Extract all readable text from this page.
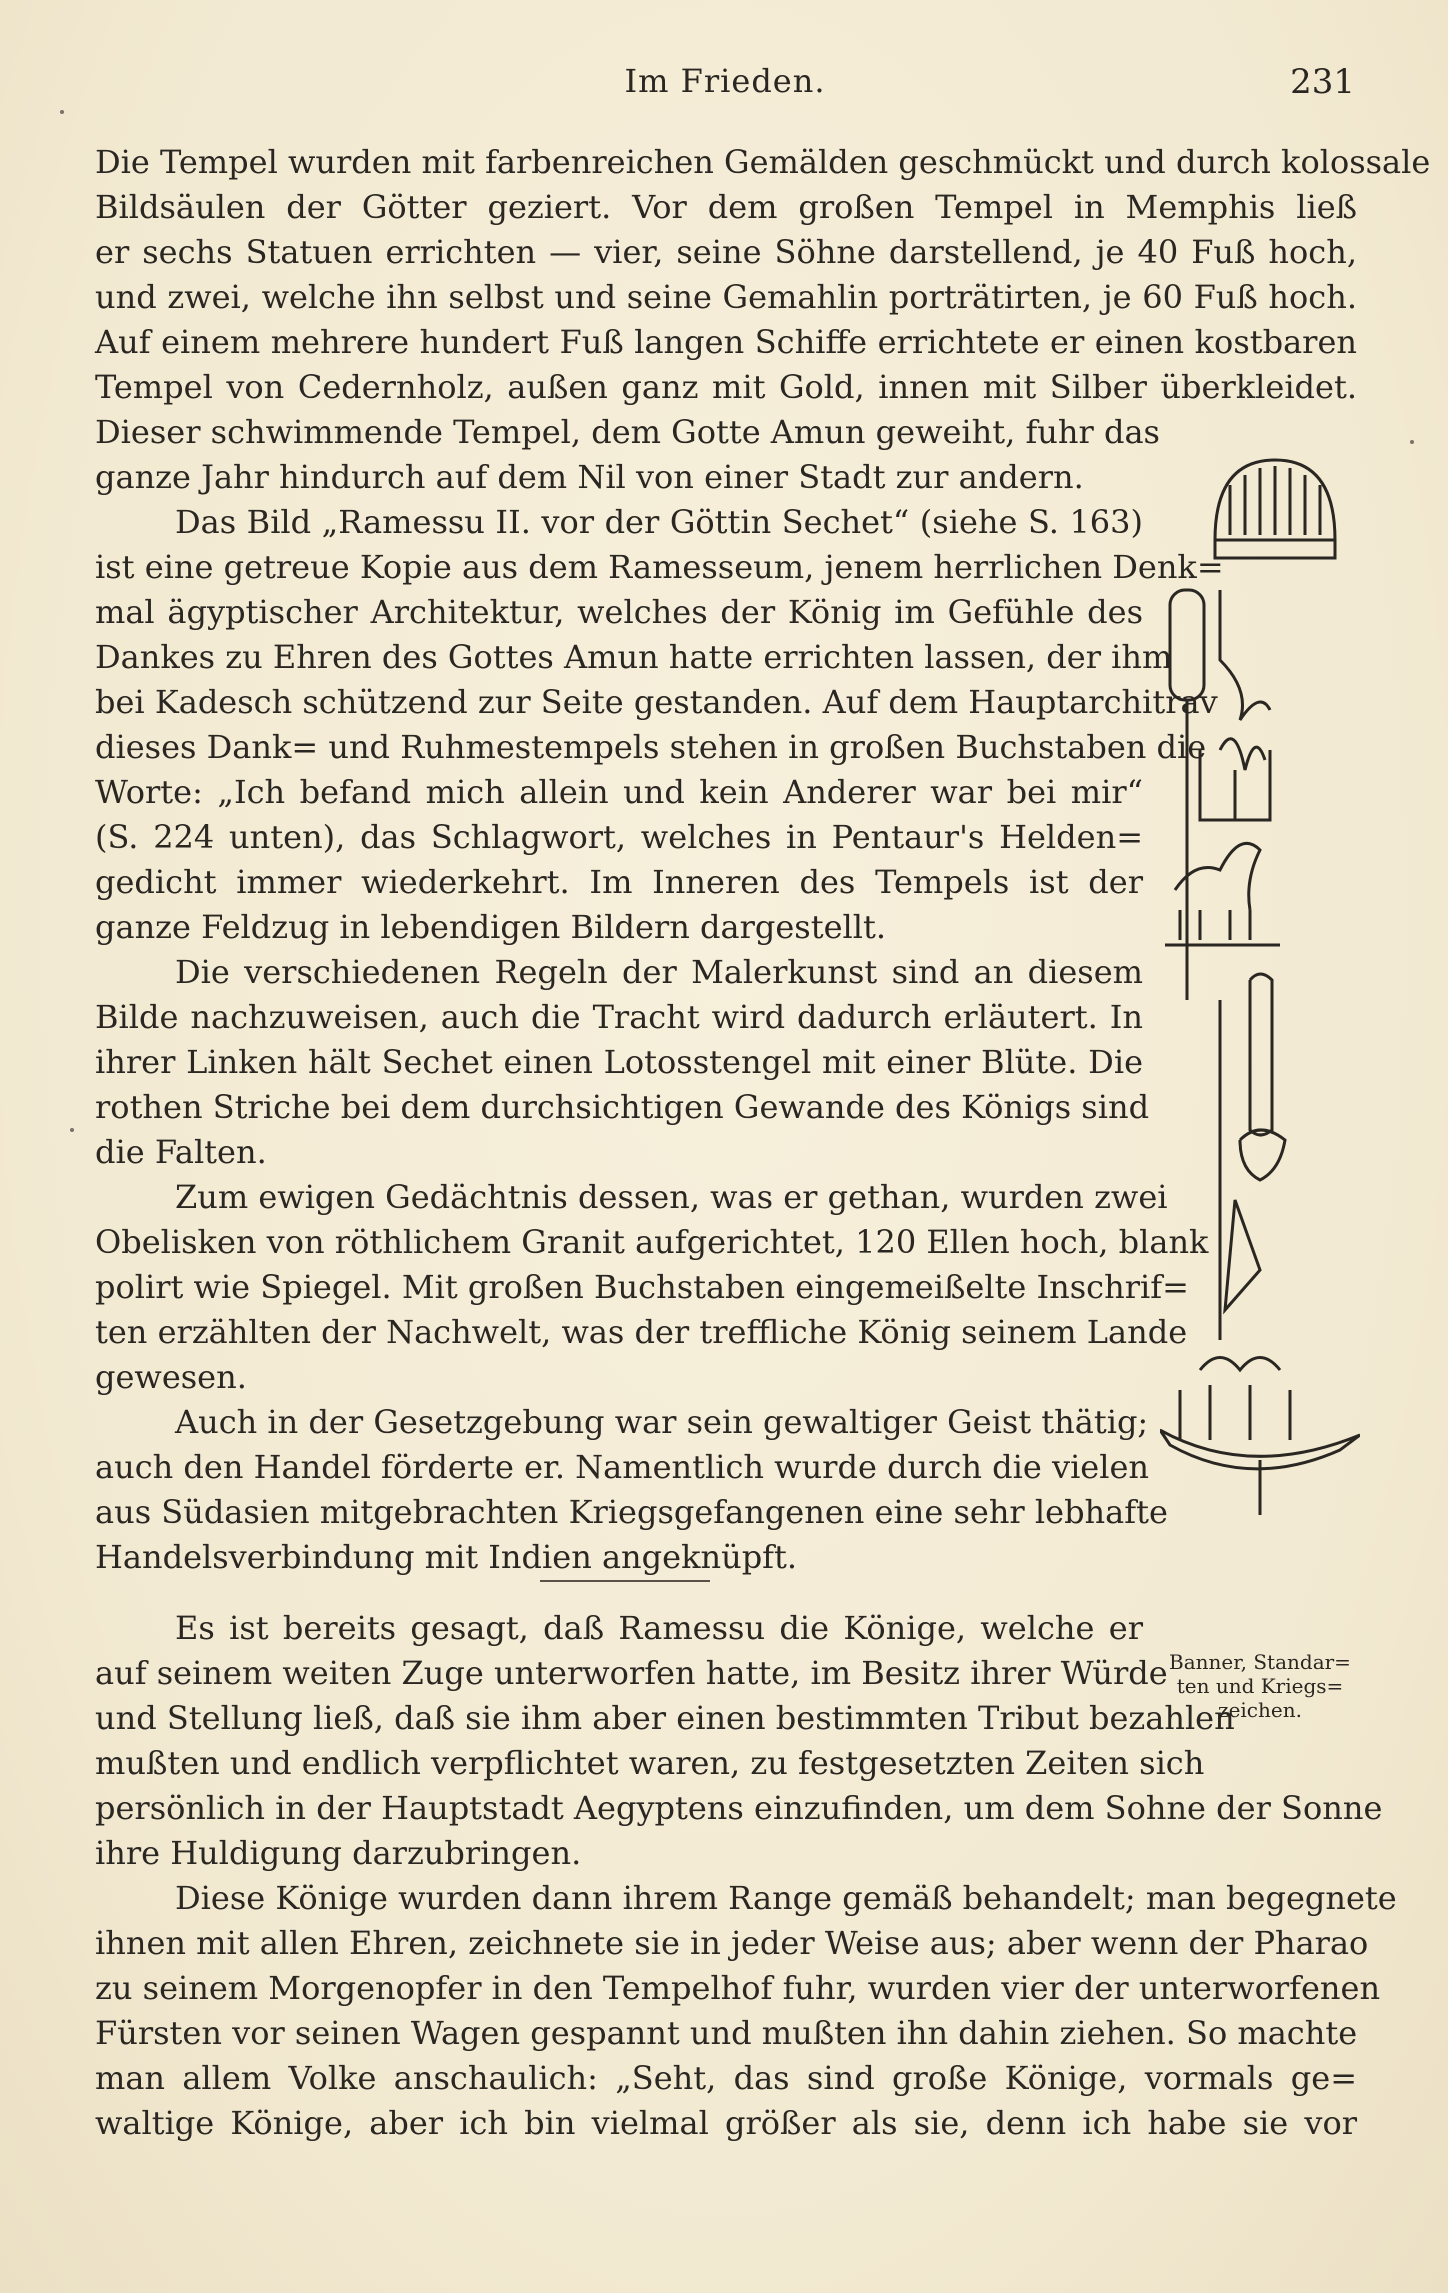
Im Frieden.	231
Die Tempel wurden mit farbenreichen Gemälden geschmückt und durch kolossale
Bildsäulen der Götter geziert. Vor dem großen Tempel in Memphis ließ
er sechs Statuen errichten — vier, seine Söhne darstellend, je 40 Fuß hoch,
und zwei, welche ihn selbst und seine Gemahlin porträtirten, je 60 Fuß hoch.
Auf einem mehrere hundert Fuß langen Schiffe errichtete er einen kostbaren
Tempel von Cedernholz, außen ganz mit Gold, innen mit Silber überkleidet.
Dieser schwimmende Tempel, dem Gotte Amun geweiht, fuhr das
ganze Jahr hindurch auf dem Nil von einer Stadt zur andern.
Das Bild „Ramessu II. vor der Göttin Sechet“ (siehe S. 163)
ist eine getreue Kopie aus dem Ramesseum, jenem herrlichen Denk=
mal ägyptischer Architektur, welches der König im Gefühle des
Dankes zu Ehren des Gottes Amun hatte errichten lassen, der ihm
bei Kadesch schützend zur Seite gestanden. Auf dem Hauptarchitrav
dieses Dank= und Ruhmestempels stehen in großen Buchstaben die
Worte: „Ich befand mich allein und kein Anderer war bei mir“
(S. 224 unten), das Schlagwort, welches in Pentaur's Helden=
gedicht immer wiederkehrt. Im Inneren des Tempels ist der
ganze Feldzug in lebendigen Bildern dargestellt.
Die verschiedenen Regeln der Malerkunst sind an diesem
Bilde nachzuweisen, auch die Tracht wird dadurch erläutert. In
ihrer Linken hält Sechet einen Lotosstengel mit einer Blüte. Die
rothen Striche bei dem durchsichtigen Gewande des Königs sind
die Falten.
Zum ewigen Gedächtnis dessen, was er gethan, wurden zwei
Obelisken von röthlichem Granit aufgerichtet, 120 Ellen hoch, blank
polirt wie Spiegel. Mit großen Buchstaben eingemeißelte Inschrif=
ten erzählten der Nachwelt, was der treffliche König seinem Lande
gewesen.
Auch in der Gesetzgebung war sein gewaltiger Geist thätig;
auch den Handel förderte er. Namentlich wurde durch die vielen
aus Südasien mitgebrachten Kriegsgefangenen eine sehr lebhafte
Handelsverbindung mit Indien angeknüpft.
Es ist bereits gesagt, daß Ramessu die Könige, welche er
auf seinem weiten Zuge unterworfen hatte, im Besitz ihrer Würde
und Stellung ließ, daß sie ihm aber einen bestimmten Tribut bezahlen
mußten und endlich verpflichtet waren, zu festgesetzten Zeiten sich
persönlich in der Hauptstadt Aegyptens einzufinden, um dem Sohne der Sonne
ihre Huldigung darzubringen.
Diese Könige wurden dann ihrem Range gemäß behandelt; man begegnete
ihnen mit allen Ehren, zeichnete sie in jeder Weise aus; aber wenn der Pharao
zu seinem Morgenopfer in den Tempelhof fuhr, wurden vier der unterworfenen
Fürsten vor seinen Wagen gespannt und mußten ihn dahin ziehen. So machte
man allem Volke anschaulich: „Seht, das sind große Könige, vormals ge=
waltige Könige, aber ich bin vielmal größer als sie, denn ich habe sie vor
Banner, Standar= ten und Kriegs= zeichen.
